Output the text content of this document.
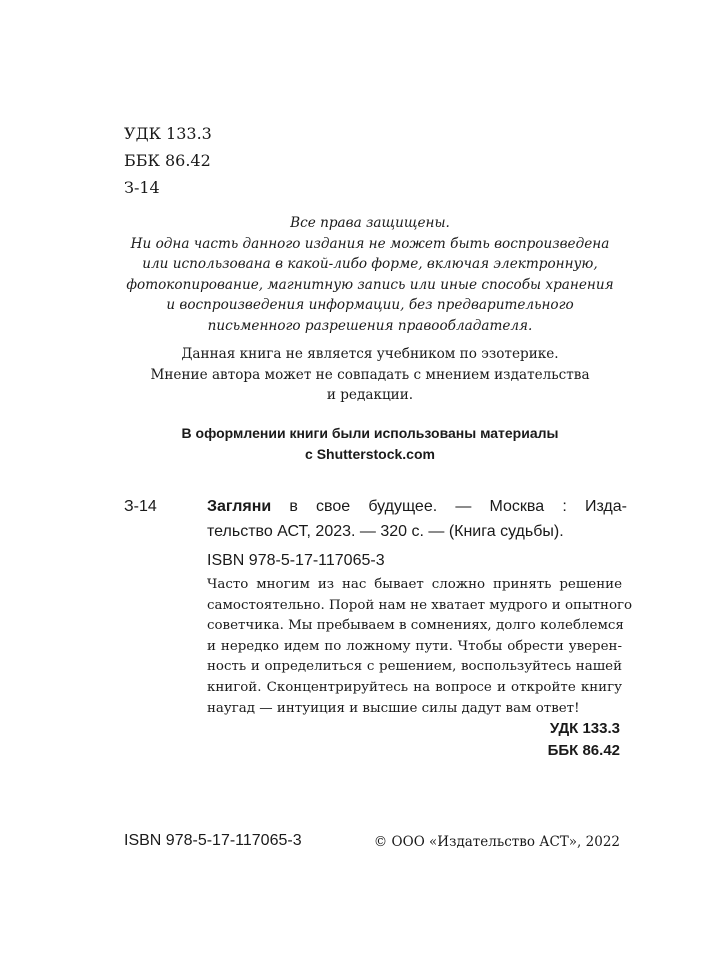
УДК 133.3
ББК 86.42
З-14
Все права защищены.
Ни одна часть данного издания не может быть воспроизведена
или использована в какой-либо форме, включая электронную,
фотокопирование, магнитную запись или иные способы хранения
и воспроизведения информации, без предварительного
письменного разрешения правообладателя.
Данная книга не является учебником по эзотерике.
Мнение автора может не совпадать с мнением издательства
и редакции.
В оформлении книги были использованы материалы
с Shutterstock.com
З-14	Загляни в свое будущее. — Москва : Изда-
тельство АСТ, 2023. — 320 с. — (Книга судьбы).
ISBN 978-5-17-117065-3
Часто многим из нас бывает сложно принять решение
самостоятельно. Порой нам не хватает мудрого и опытного
советчика. Мы пребываем в сомнениях, долго колеблемся
и нередко идем по ложному пути. Чтобы обрести уверен-
ность и определиться с решением, воспользуйтесь нашей
книгой. Сконцентрируйтесь на вопросе и откройте книгу
наугад — интуиция и высшие силы дадут вам ответ!
УДК 133.3
ББК 86.42
ISBN 978-5-17-117065-3	© ООО «Издательство АСТ», 2022
